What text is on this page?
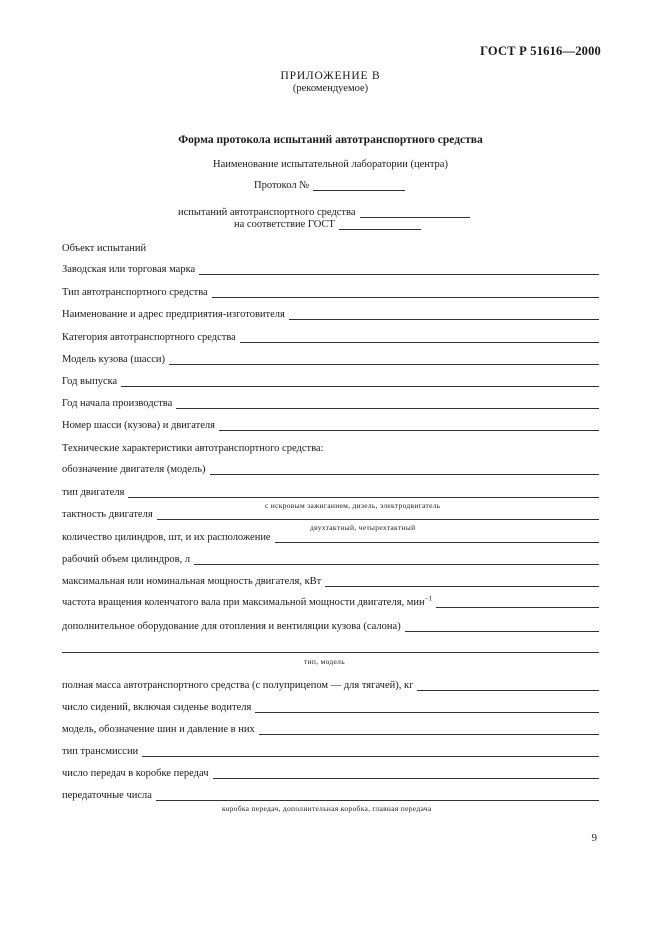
ГОСТ Р 51616—2000
ПРИЛОЖЕНИЕ В
(рекомендуемое)
Форма протокола испытаний автотранспортного средства
Наименование испытательной лаборатории (центра)
Протокол №
испытаний автотранспортного средства
на соответствие ГОСТ
Объект испытаний
Заводская или торговая марка
Тип автотранспортного средства
Наименование и адрес предприятия-изготовителя
Категория автотранспортного средства
Модель кузова (шасси)
Год выпуска
Год начала производства
Номер шасси (кузова) и двигателя
Технические характеристики автотранспортного средства:
обозначение двигателя (модель)
тип двигателя
с искровым зажиганием, дизель, электродвигатель
тактность двигателя
двухтактный, четырехтактный
количество цилиндров, шт, и их расположение
рабочий объем цилиндров, л
максимальная или номинальная мощность двигателя, кВт
частота вращения коленчатого вала при максимальной мощности двигателя, мин$^{-1}$
дополнительное оборудование для отопления и вентиляции кузова (салона)
тип, модель
полная масса автотранспортного средства (с полуприцепом — для тягачей), кг
число сидений, включая сиденье водителя
модель, обозначение шин и давление в них
тип трансмиссии
число передач в коробке передач
передаточные числа
коробка передач, дополнительная коробка, главная передача
9
